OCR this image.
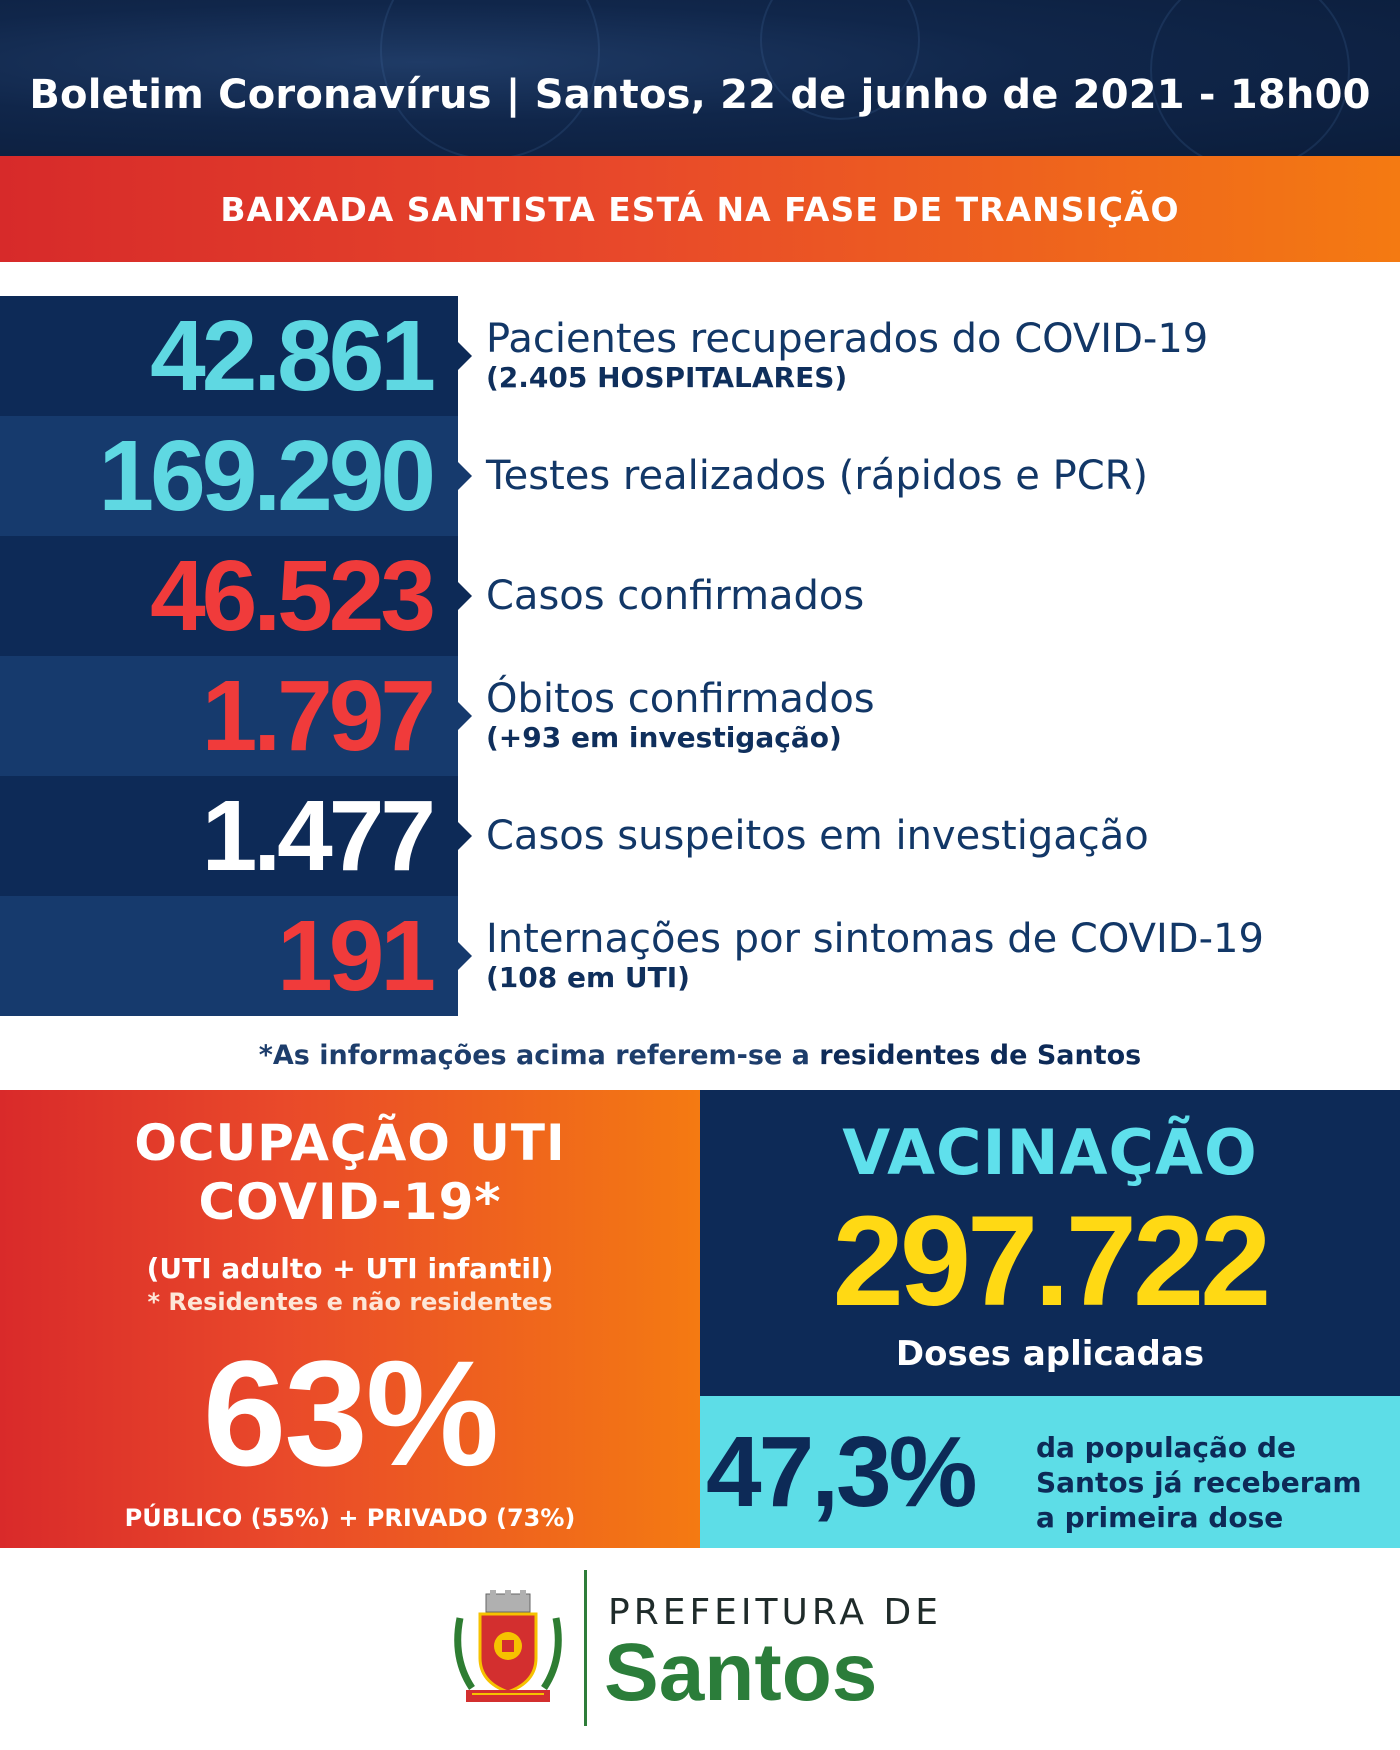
Boletim Coronavírus | Santos, 22 de junho de 2021 - 18h00
BAIXADA SANTISTA ESTÁ NA FASE DE TRANSIÇÃO
42.861 Pacientes recuperados do COVID-19
(2.405 HOSPITALARES)
169.290 Testes realizados (rápidos e PCR)
46.523 Casos confirmados
1.797 Óbitos confirmados
(+93 em investigação)
1.477 Casos suspeitos em investigação
191 Internações por sintomas de COVID-19
(108 em UTI)
*As informações acima referem-se a residentes de Santos
OCUPAÇÃO UTI
COVID-19*
(UTI adulto + UTI infantil)
* Residentes e não residentes
63%
PÚBLICO (55%) + PRIVADO (73%)
VACINAÇÃO
297.722
Doses aplicadas
47,3% da população de
Santos já receberam
a primeira dose
PREFEITURA DE
Santos
